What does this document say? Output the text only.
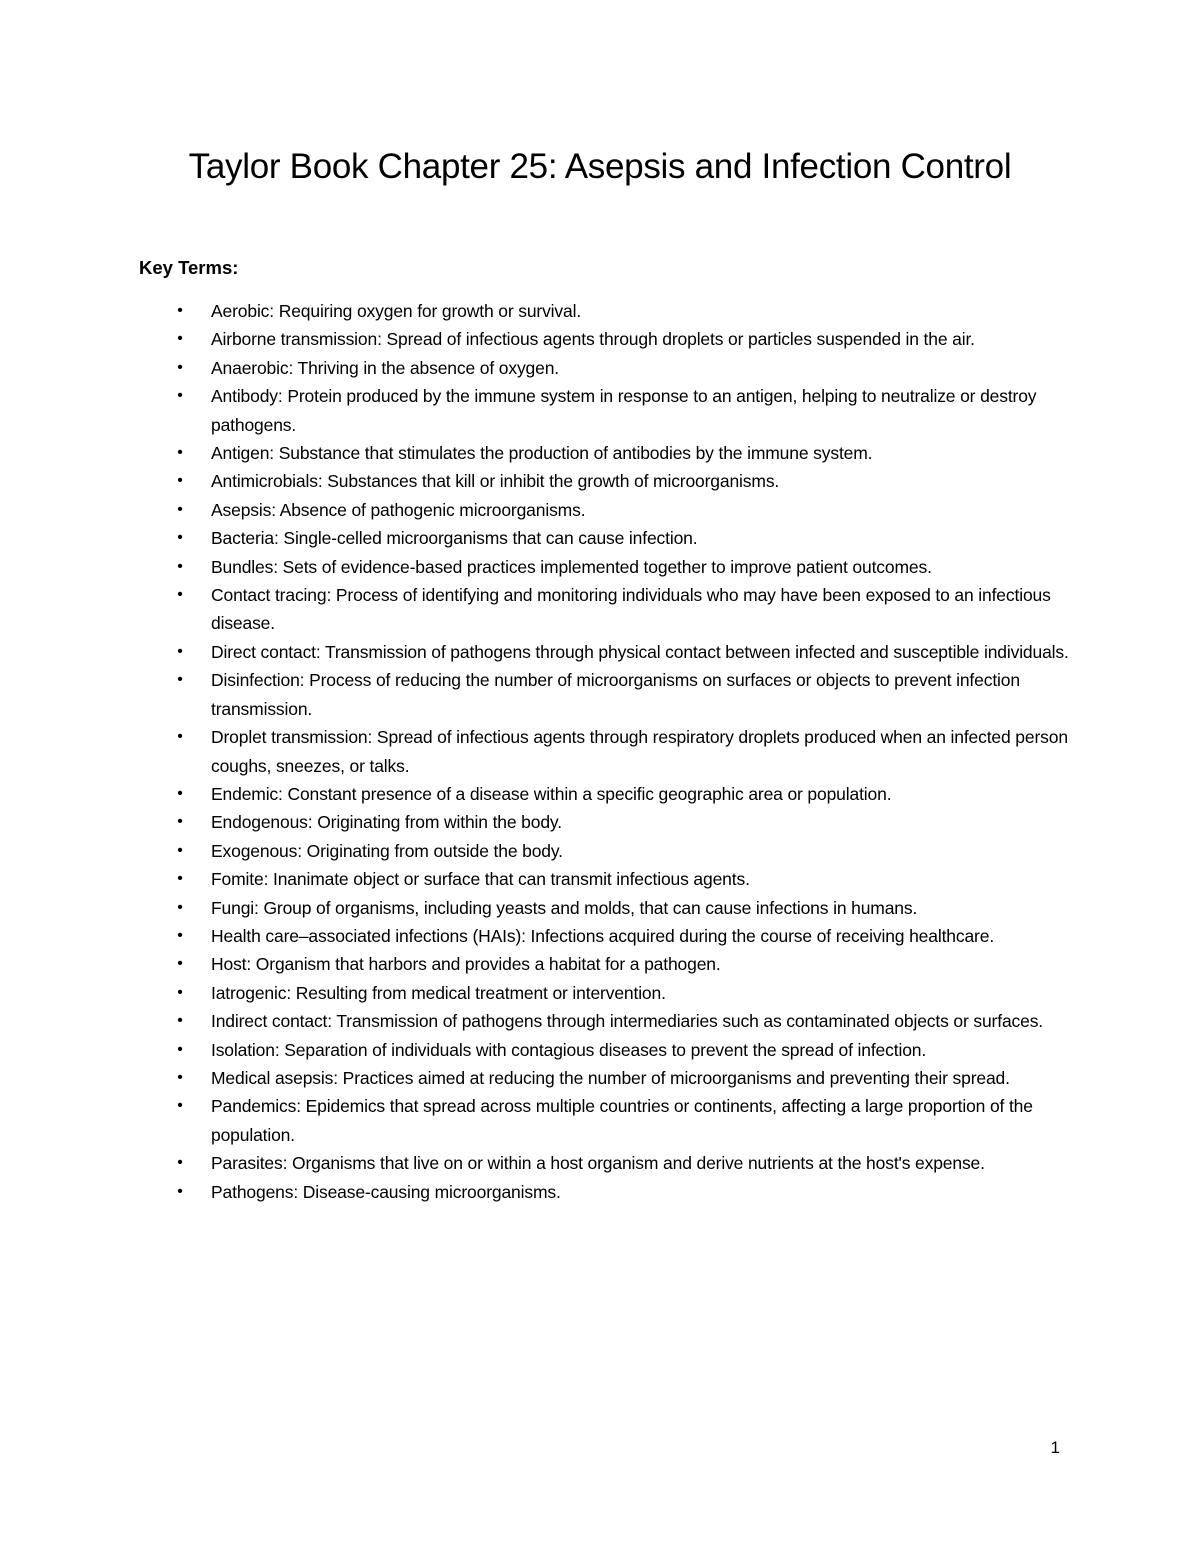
Taylor Book Chapter 25: Asepsis and Infection Control
Key Terms:
• Aerobic: Requiring oxygen for growth or survival.
• Airborne transmission: Spread of infectious agents through droplets or particles suspended in the air.
• Anaerobic: Thriving in the absence of oxygen.
• Antibody: Protein produced by the immune system in response to an antigen, helping to neutralize or destroy pathogens.
• Antigen: Substance that stimulates the production of antibodies by the immune system.
• Antimicrobials: Substances that kill or inhibit the growth of microorganisms.
• Asepsis: Absence of pathogenic microorganisms.
• Bacteria: Single-celled microorganisms that can cause infection.
• Bundles: Sets of evidence-based practices implemented together to improve patient outcomes.
• Contact tracing: Process of identifying and monitoring individuals who may have been exposed to an infectious disease.
• Direct contact: Transmission of pathogens through physical contact between infected and susceptible individuals.
• Disinfection: Process of reducing the number of microorganisms on surfaces or objects to prevent infection transmission.
• Droplet transmission: Spread of infectious agents through respiratory droplets produced when an infected person coughs, sneezes, or talks.
• Endemic: Constant presence of a disease within a specific geographic area or population.
• Endogenous: Originating from within the body.
• Exogenous: Originating from outside the body.
• Fomite: Inanimate object or surface that can transmit infectious agents.
• Fungi: Group of organisms, including yeasts and molds, that can cause infections in humans.
• Health care–associated infections (HAIs): Infections acquired during the course of receiving healthcare.
• Host: Organism that harbors and provides a habitat for a pathogen.
• Iatrogenic: Resulting from medical treatment or intervention.
• Indirect contact: Transmission of pathogens through intermediaries such as contaminated objects or surfaces.
• Isolation: Separation of individuals with contagious diseases to prevent the spread of infection.
• Medical asepsis: Practices aimed at reducing the number of microorganisms and preventing their spread.
• Pandemics: Epidemics that spread across multiple countries or continents, affecting a large proportion of the population.
• Parasites: Organisms that live on or within a host organism and derive nutrients at the host's expense.
• Pathogens: Disease-causing microorganisms.
1
